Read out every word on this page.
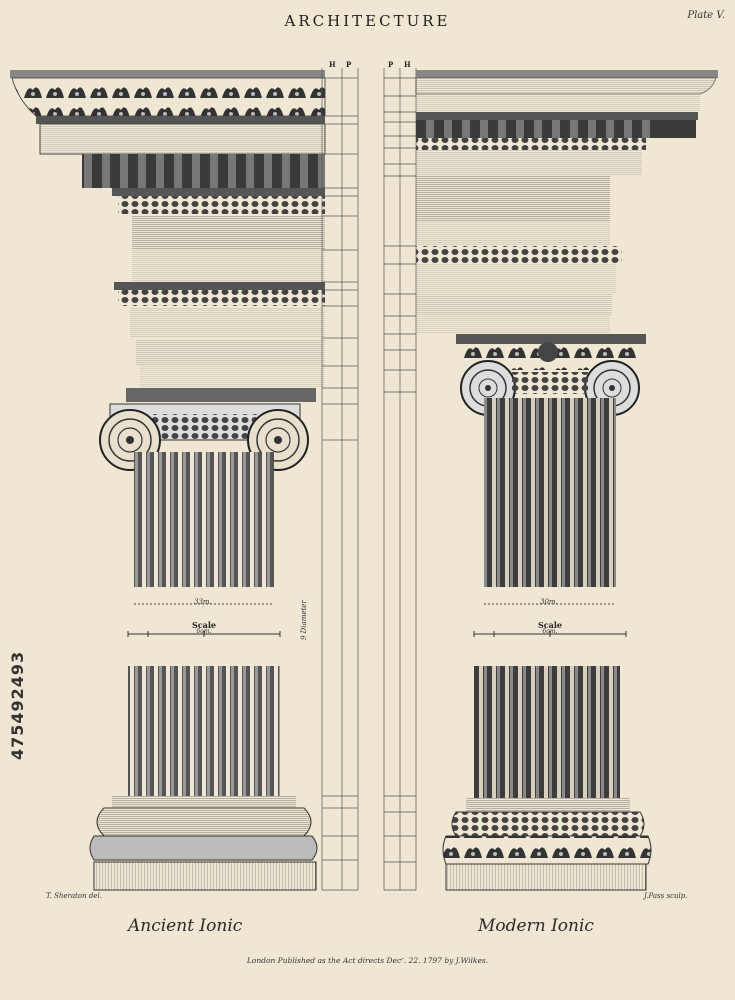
ARCHITECTURE	Plate V.
H P	P H
9 Diameter
33m.	30m.
Scale
6om.
Scale
6om.
T. Sheraton del.	J.Pass sculp.
Ancient Ionic	Modern Ionic
London Published as the Act directs Decʳ. 22. 1797 by J.Wilkes.
475492493
